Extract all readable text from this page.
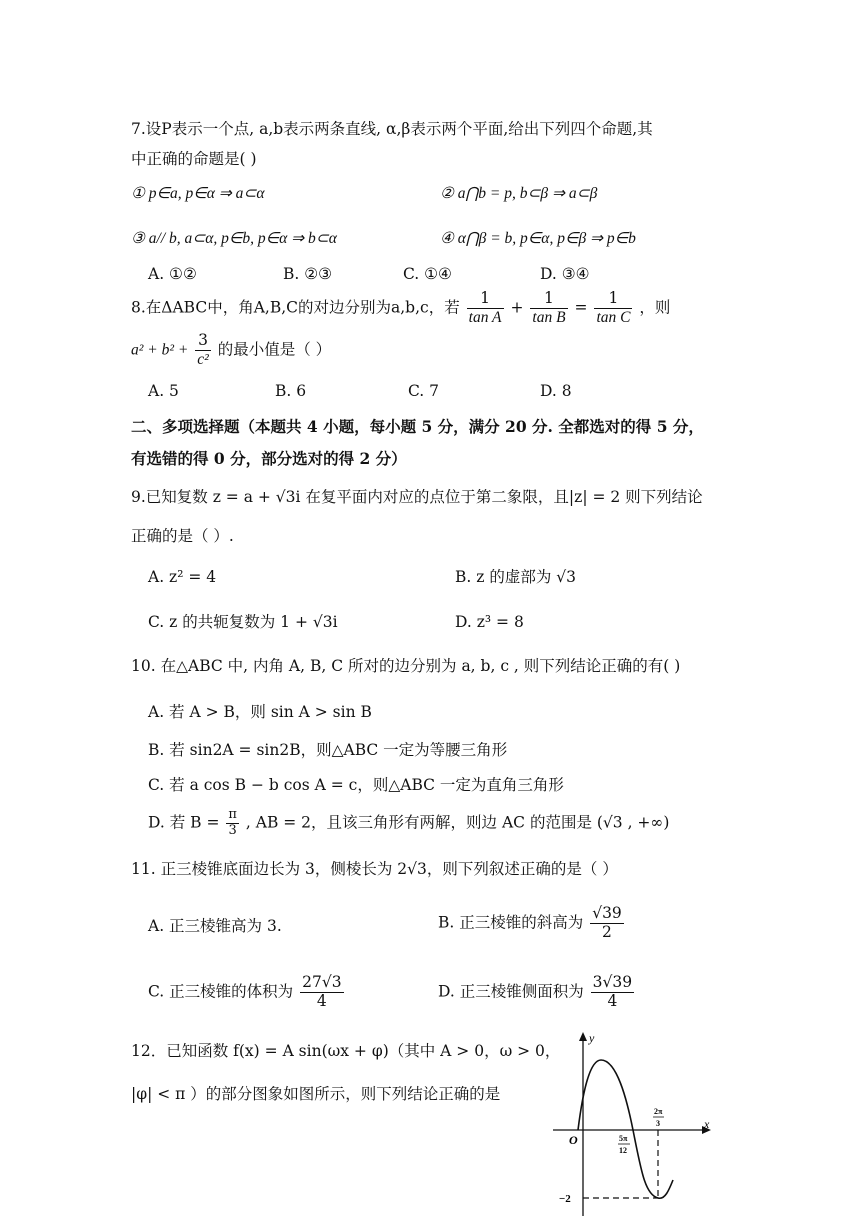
7.设P表示一个点, a,b表示两条直线, α,β表示两个平面,给出下列四个命题,其
中正确的命题是( )
① p∈a, p∈α ⇒ a⊂α	② a⋂b = p, b⊂β ⇒ a⊂β
③ a// b, a⊂α, p∈b, p∈α ⇒ b⊂α	④ α⋂β = b, p∈α, p∈β ⇒ p∈b
A. ①②	B. ②③	C. ①④	D. ③④
8.在ΔABC中，角A,B,C的对边分别为a,b,c，若 $\frac{1}{\text{tan A}} + \frac{1}{\text{tan B}} = \frac{1}{\text{tan C}}$ ，则
$a^2 + b^2 + \frac{3}{\text{c²}}$ 的最小值是（ ）
A. 5	B. 6	C. 7	D. 8
二、多项选择题（本题共 4 小题，每小题 5 分，满分 20 分. 全都选对的得 5 分，
有选错的得 0 分，部分选对的得 2 分）
9.已知复数 z = a + √3i 在复平面内对应的点位于第二象限，且|z| = 2 则下列结论
正确的是（ ）.
A. z² = 4	B. z 的虚部为 √3
C. z 的共轭复数为 1 + √3i	D. z³ = 8
10. 在△ABC 中, 内角 A, B, C 所对的边分别为 a, b, c , 则下列结论正确的有( )
A. 若 A > B，则 sin A > sin B
B. 若 sin2A = sin2B，则△ABC 一定为等腰三角形
C. 若 a cos B − b cos A = c，则△ABC 一定为直角三角形
D. 若 $B = \frac{\pi}{3}$ , AB = 2，且该三角形有两解，则边 AC 的范围是 (√3 , +∞)
11. 正三棱锥底面边长为 3，侧棱长为 2√3，则下列叙述正确的是（ ）
A. 正三棱锥高为 3.	B. 正三棱锥的斜高为 $\frac{√39}{2}$
C. 正三棱锥的体积为 $\frac{27√3}{4}$	D. 正三棱锥侧面积为 $\frac{3√39}{4}$
12．已知函数 f(x) = A sin(ωx + φ)（其中 A > 0，ω > 0，
|φ| < π ）的部分图象如图所示，则下列结论正确的是
y
x
O	5π
12
2π
3
−2
